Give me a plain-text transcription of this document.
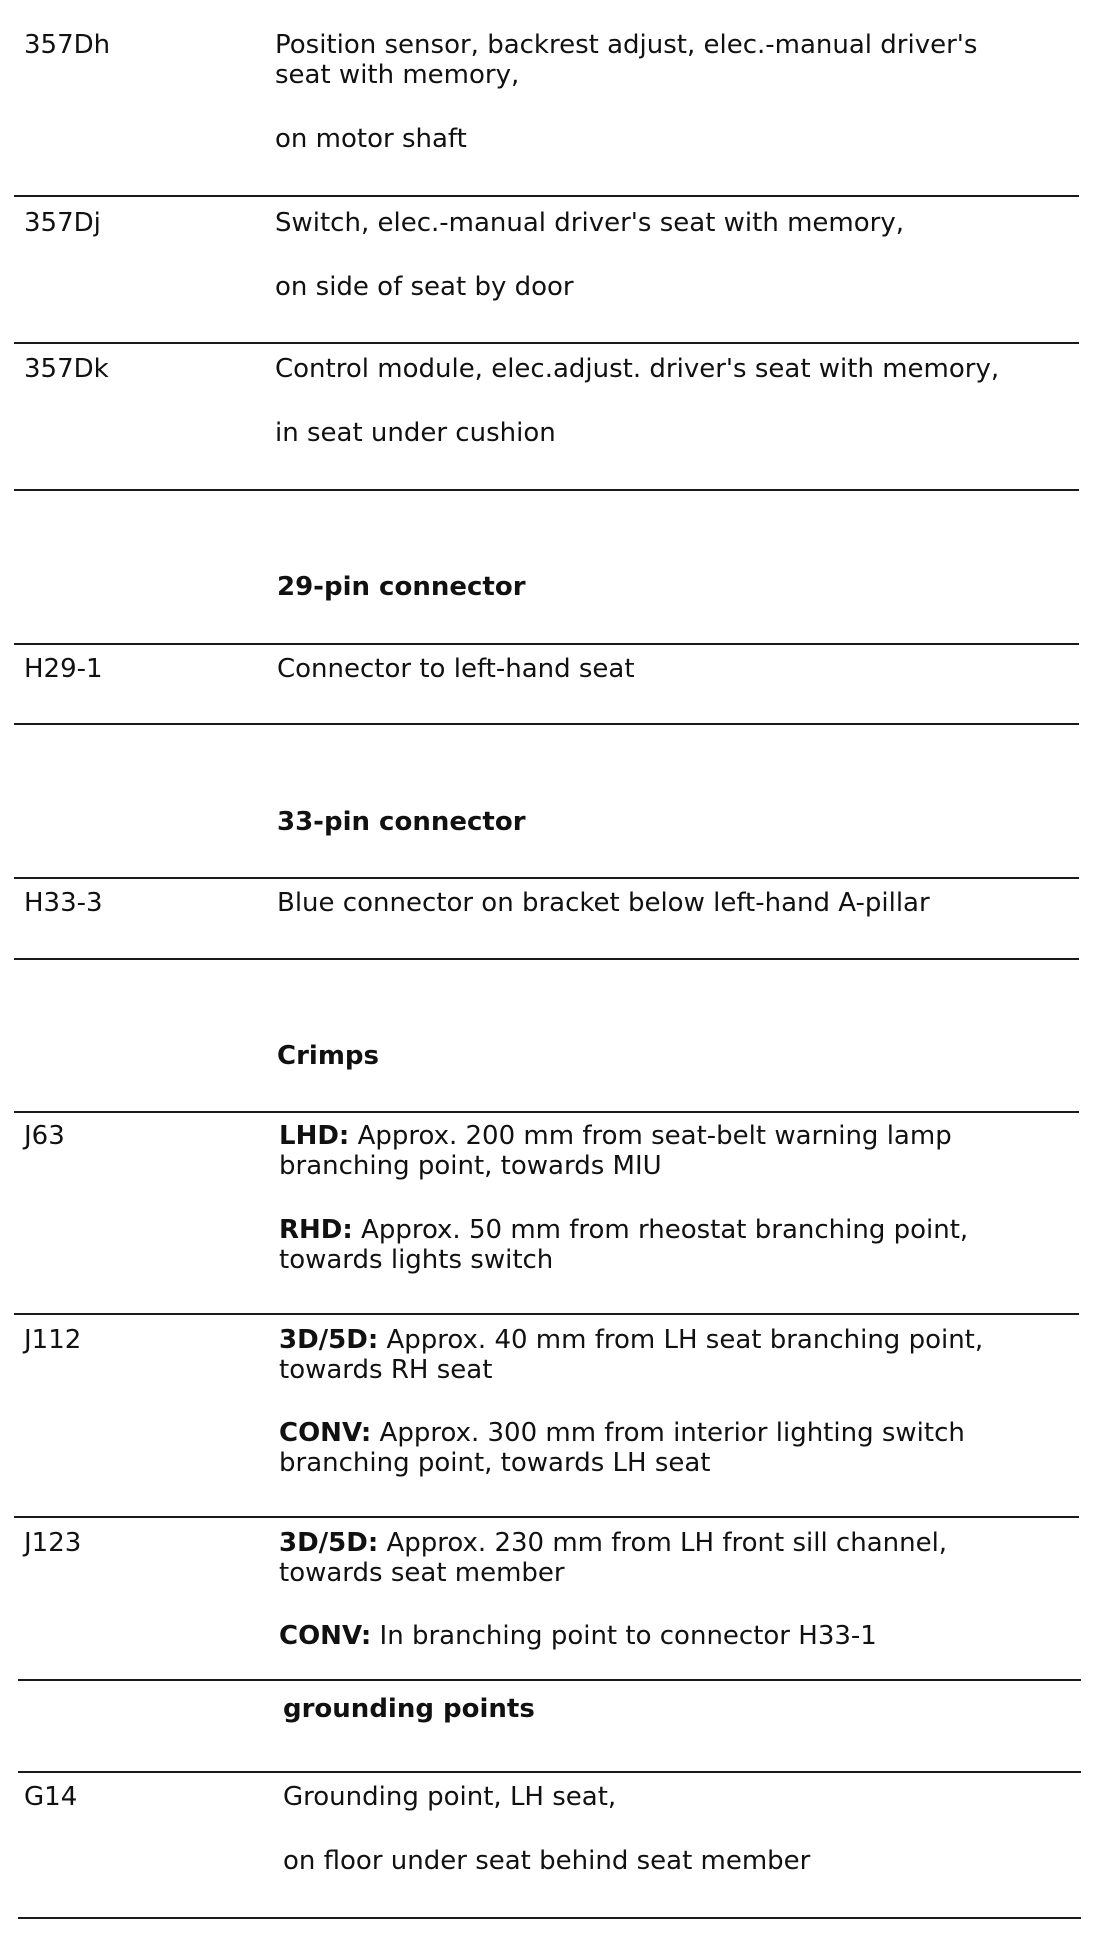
357Dh	Position sensor, backrest adjust, elec.-manual driver's
seat with memory,
on motor shaft
357Dj	Switch, elec.-manual driver's seat with memory,
on side of seat by door
357Dk	Control module, elec.adjust. driver's seat with memory,
in seat under cushion
29-pin connector
H29-1	Connector to left-hand seat
33-pin connector
H33-3	Blue connector on bracket below left-hand A-pillar
Crimps
J63	LHD: Approx. 200 mm from seat-belt warning lamp
branching point, towards MIU
RHD: Approx. 50 mm from rheostat branching point,
towards lights switch
J112	3D/5D: Approx. 40 mm from LH seat branching point,
towards RH seat
CONV: Approx. 300 mm from interior lighting switch
branching point, towards LH seat
J123	3D/5D: Approx. 230 mm from LH front sill channel,
towards seat member
CONV: In branching point to connector H33-1
grounding points
G14	Grounding point, LH seat,
on floor under seat behind seat member
